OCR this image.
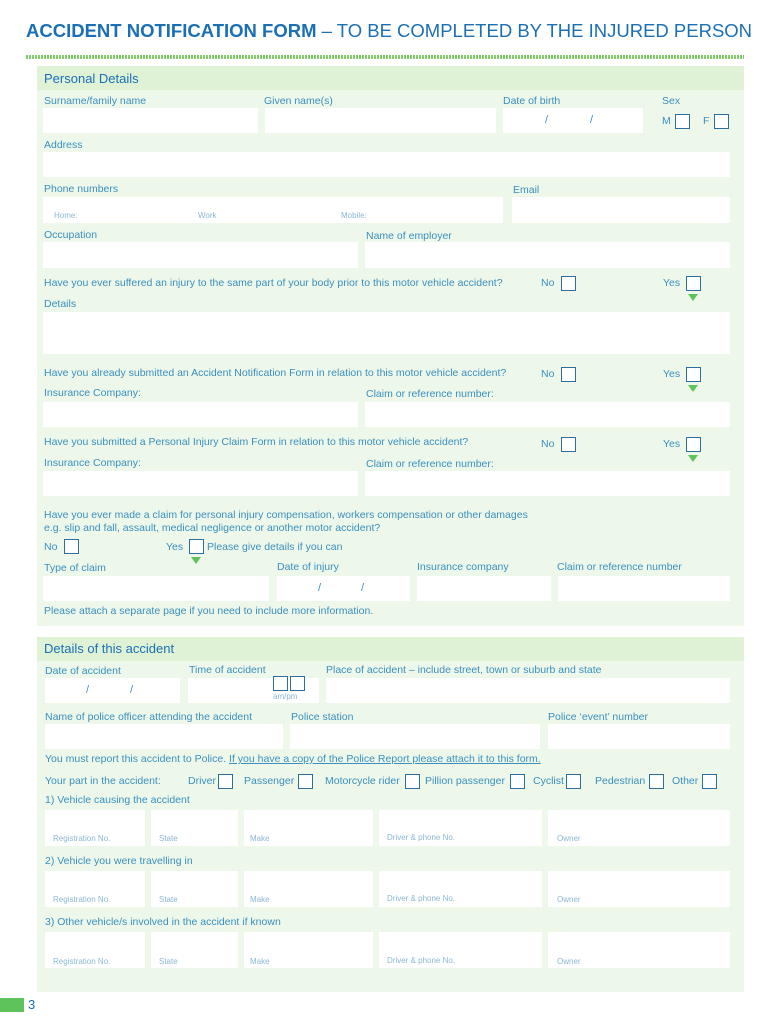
ACCIDENT NOTIFICATION FORM – TO BE COMPLETED BY THE INJURED PERSON
Personal Details
Surname/family name	Given name(s)	Date of birth	Sex
/	/	M	F
Address
Phone numbers	Email
Home:	Work	Mobile:
Occupation	Name of employer
Have you ever suffered an injury to the same part of your body prior to this motor vehicle accident?	No	Yes
Details
Have you already submitted an Accident Notification Form in relation to this motor vehicle accident?	No	Yes
Insurance Company:	Claim or reference number:
Have you submitted a Personal Injury Claim Form in relation to this motor vehicle accident?	No	Yes
Insurance Company:	Claim or reference number:
Have you ever made a claim for personal injury compensation, workers compensation or other damages
e.g. slip and fall, assault, medical negligence or another motor accident?
No	Yes Please give details if you can
Type of claim	Date of injury	Insurance company	Claim or reference number
/	/
Please attach a separate page if you need to include more information.
Details of this accident
Date of accident	Time of accident	Place of accident – include street, town or suburb and state
/	/
am/pm
Name of police officer attending the accident	Police station	Police ‘event’ number
You must report this accident to Police. If you have a copy of the Police Report please attach it to this form.
Your part in the accident:	Driver	Passenger	Motorcycle rider Pillion passenger	Cyclist	Pedestrian	Other
1) Vehicle causing the accident
Registration No.	State	Make	Driver & phone No.	Owner
2) Vehicle you were travelling in
Registration No.	State	Make	Driver & phone No.	Owner
3) Other vehicle/s involved in the accident if known
Registration No.	State	Make	Driver & phone No.	Owner
3
